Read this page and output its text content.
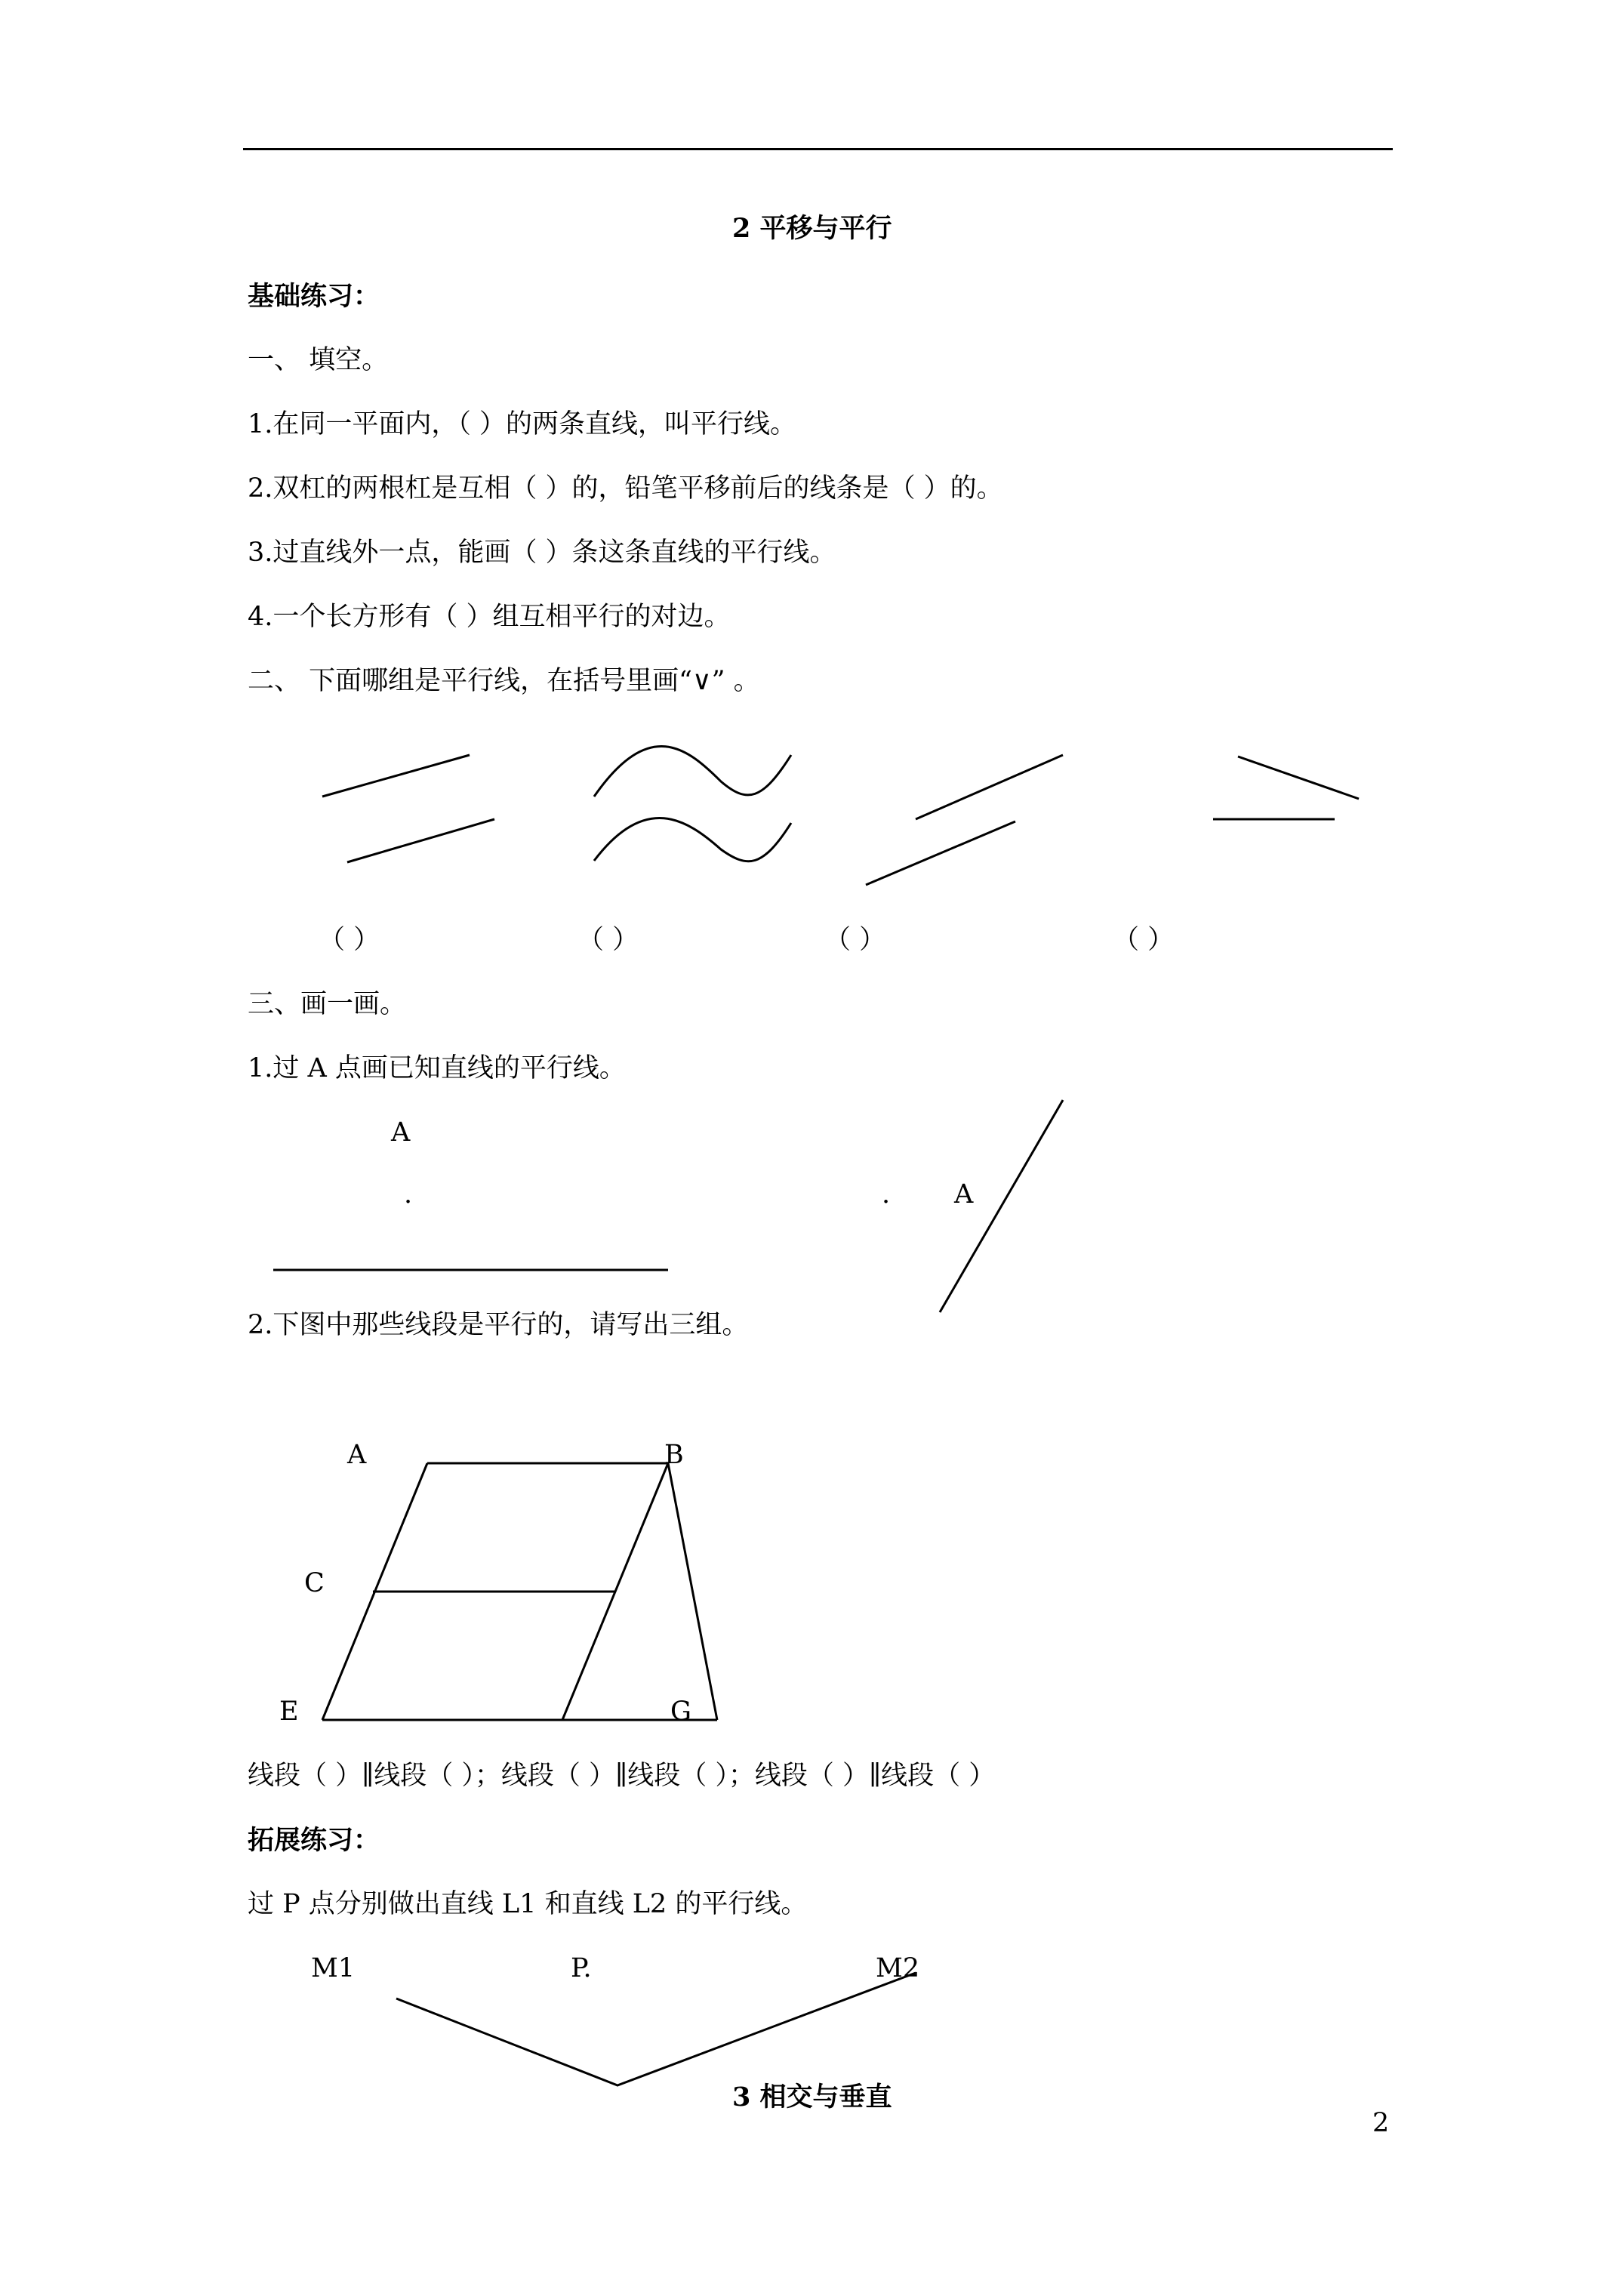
2 平移与平行
基础练习：
一、 填空。
1.在同一平面内，（ ）的两条直线，叫平行线。
2.双杠的两根杠是互相（ ）的，铅笔平移前后的线条是（ ）的。
3.过直线外一点，能画（ ）条这条直线的平行线。
4.一个长方形有（ ）组互相平行的对边。
二、 下面哪组是平行线，在括号里画“∨” 。
（ ）	（ ）	（ ）	（ ）
三、画一画。
1.过 A 点画已知直线的平行线。
A
.	. A
2.下图中那些线段是平行的，请写出三组。
A	B
C
E	G
线段（ ）∥线段（ ）；线段（ ）∥线段（ ）；线段（ ）∥线段（ ）
拓展练习：
过 P 点分别做出直线 L1 和直线 L2 的平行线。
M1	P.	M2
3 相交与垂直
2
